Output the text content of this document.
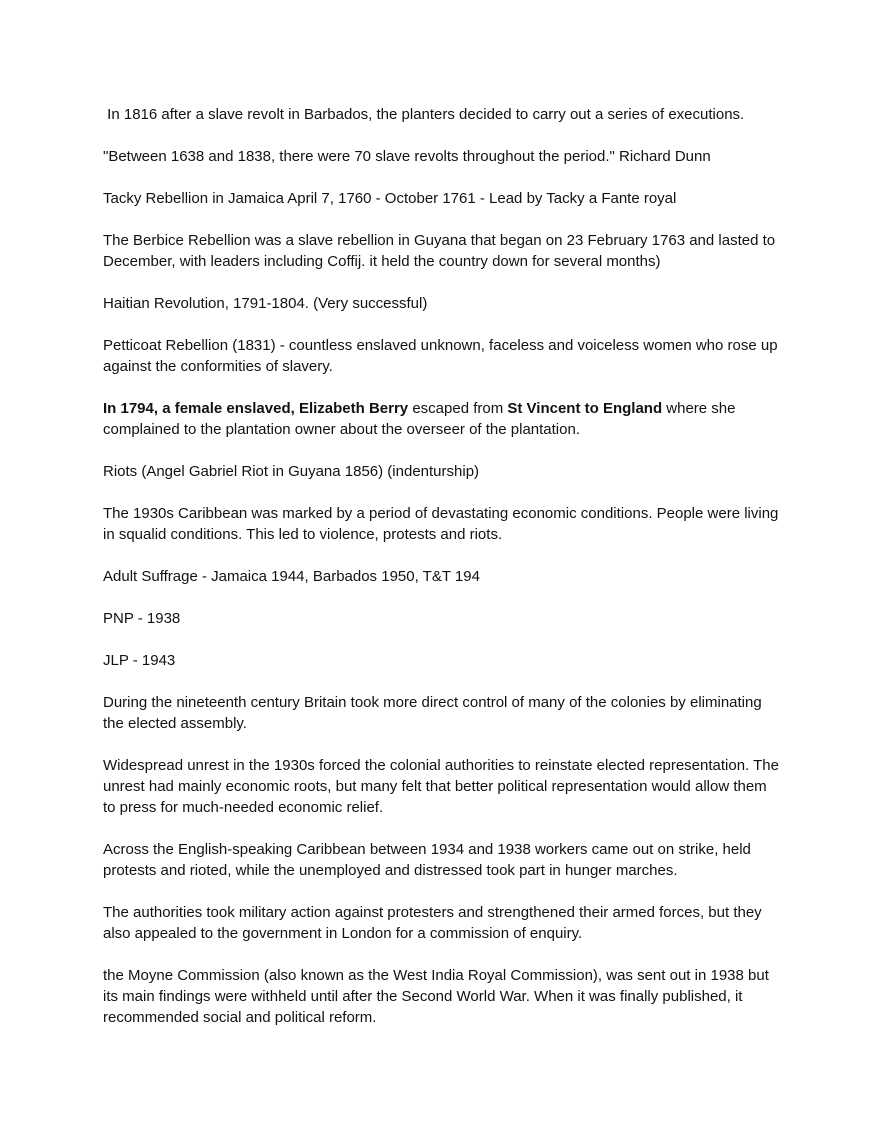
In 1816 after a slave revolt in Barbados, the planters decided to carry out a series of executions.

"Between 1638 and 1838, there were 70 slave revolts throughout the period." Richard Dunn

Tacky Rebellion in Jamaica April 7, 1760 - October 1761 - Lead by Tacky a Fante royal

The Berbice Rebellion was a slave rebellion in Guyana that began on 23 February 1763 and lasted to December, with leaders including Coffij. it held the country down for several months)

Haitian Revolution, 1791-1804. (Very successful)

Petticoat Rebellion (1831) - countless enslaved unknown, faceless and voiceless women who rose up against the conformities of slavery.

In 1794, a female enslaved, Elizabeth Berry escaped from St Vincent to England where she complained to the plantation owner about the overseer of the plantation.

Riots (Angel Gabriel Riot in Guyana 1856) (indenturship)

The 1930s Caribbean was marked by a period of devastating economic conditions. People were living in squalid conditions. This led to violence, protests and riots.

Adult Suffrage - Jamaica 1944, Barbados 1950, T&T 194

PNP - 1938

JLP - 1943

During the nineteenth century Britain took more direct control of many of the colonies by eliminating the elected assembly.

Widespread unrest in the 1930s forced the colonial authorities to reinstate elected representation. The unrest had mainly economic roots, but many felt that better political representation would allow them to press for much-needed economic relief.

Across the English-speaking Caribbean between 1934 and 1938 workers came out on strike, held protests and rioted, while the unemployed and distressed took part in hunger marches.

The authorities took military action against protesters and strengthened their armed forces, but they also appealed to the government in London for a commission of enquiry.

the Moyne Commission (also known as the West India Royal Commission), was sent out in 1938 but its main findings were withheld until after the Second World War. When it was finally published, it recommended social and political reform.
